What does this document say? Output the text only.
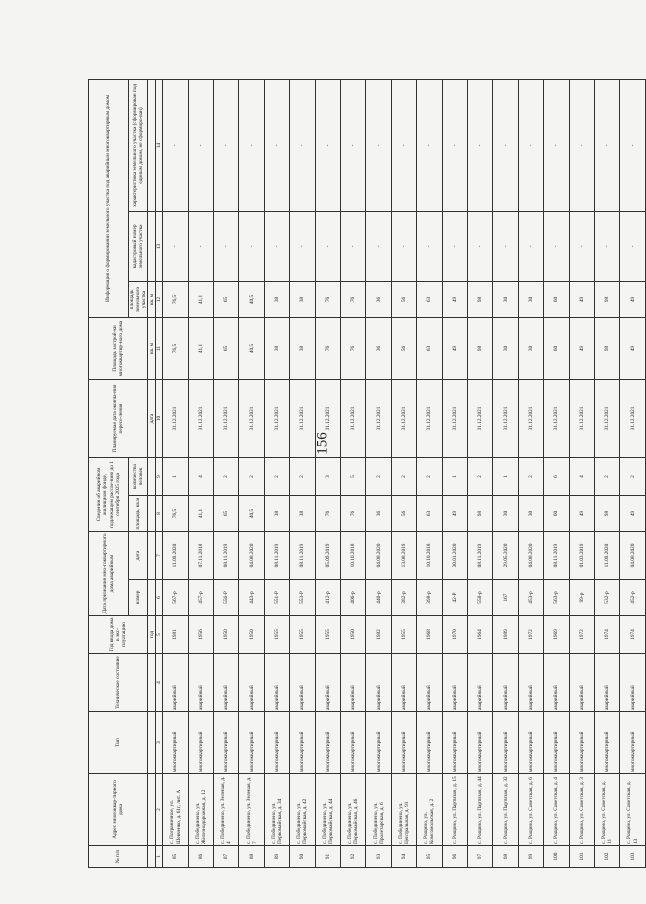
156
№ п/п	Адрес многоквар-тирного дома	Тип	Техническое состояние	Год ввода дома в экс-плуатацию	Дата признания мно-гоквартирного дома аварийным		Сведения об аварийном жилищном фонде, подлежащем рассле-нию до 1 сентября 2025 года		Планируемая дата оконча-ния пересе-ления	Площадь застрой-ки многоквартир-ного дома	Информация о формировании земельного участка под аварийным многоквартирным домом		
					номер	дата	площадь, кв.м	количество человек			площадь земельного участка	кадастровый номер земельного участка	характеристика земельного участка (сформирован под единым домом, не сформиро-ван)
				год					дата	кв. м	кв. м		
1	2	3	4	5	6	7	8	9	10	11	12	13	14
85	с. Пограничное, ул. Шевченко, д. 61г, лит. А	многоквартирный	аварийный	1981	567-р	11.09.2020	76,5	1	31.12.2021	76,5	76,5	-	-
86	с. Побединено, ул. Железнодорожная, д. 12	многоквартирный	аварийный	1956	457-р	07.11.2018	41,1	4	31.12.2021	41,1	41,1	-	-
87	с. Побединено, ул. Зеленая, д. 4	многоквартирный	аварийный	1950	556-Р	08.11.2019	65	2	31.12.2021	65	65	-	-
88	с. Побединено, ул. Зеленая, д. 7	многоквартирный	аварийный	1950	443-р	04.08.2020	40,5	2	31.12.2021	40,5	40,5	-	-
89	с. Побединено, ул. Первомайская, д. 34	многоквартирный	аварийный	1955	551-Р	08.11.2019	38	2	31.12.2021	38	38	-	-
90	с. Побединено, ул. Первомайская, д. 42	многоквартирный	аварийный	1955	553-Р	08.11.2019	38	2	31.12.2021	38	38	-	-
91	с. Побединено, ул. Первомайская, д. 44	многоквартирный	аварийный	1955	412-р	05.09.2019	76	3	31.12.2021	76	76	-	-
92	с. Побединено, ул. Первомайская, д. 46	многоквартирный	аварийный	1950	406-р	10.10.2018	76	5	31.12.2021	76	76	-	-
93	с. Побединено, ул. Пролетарская, д. 6	многоквартирный	аварийный	1982	440-р	04.08.2020	36	2	31.12.2021	36	36	-	-
94	с. Побединено, ул. Центральная, д. 91	многоквартирный	аварийный	1955	382-р	13.08.2019	56	2	31.12.2021	56	56	-	-
95	с. Рощино, ул. Комсомольская, д. 2	многоквартирный	аварийный	1968	398-р	10.10.2018	63	2	31.12.2021	63	63	-	-
96	с. Рощино, ул. Партизан, д. 15	многоквартирный	аварийный	1970	42-Р	30.01.2020	49	1	31.12.2021	49	49	-	-
97	с. Рощино, ул. Партизан, д. 44	многоквартирный	аварийный	1964	558-р	08.11.2019	98	2	31.12.2021	98	98	-	-
98	с. Рощино, ул. Партизан, д. 32	многоквартирный	аварийный	1989	167	29.05.2020	30	1	31.12.2021	30	30	-	-
99	с. Рощино, ул. Советская, д. 6	многоквартирный	аварийный	1972	453-р	04.08.2020	30	2	31.12.2021	30	30	-	-
100	с. Рощино, ул. Советская, д. 4	многоквартирный	аварийный	1969	563-р	08.11.2019	60	6	31.12.2021	60	60	-	-
101	с. Рощино, ул. Советская, д. 3	многоквартирный	аварийный	1972	99-р	01.03.2019	49	4	31.12.2021	49	49	-	-
102	с. Рощино, ул. Советская, д. 11	многоквартирный	аварийный	1974	532-р	11.09.2020	98	2	31.12.2021	98	98	-	-
103	с. Рощино, ул. Советская, д. 13	многоквартирный	аварийный	1974	452-р	04.08.2020	49	2	31.12.2021	49	49	-	-
